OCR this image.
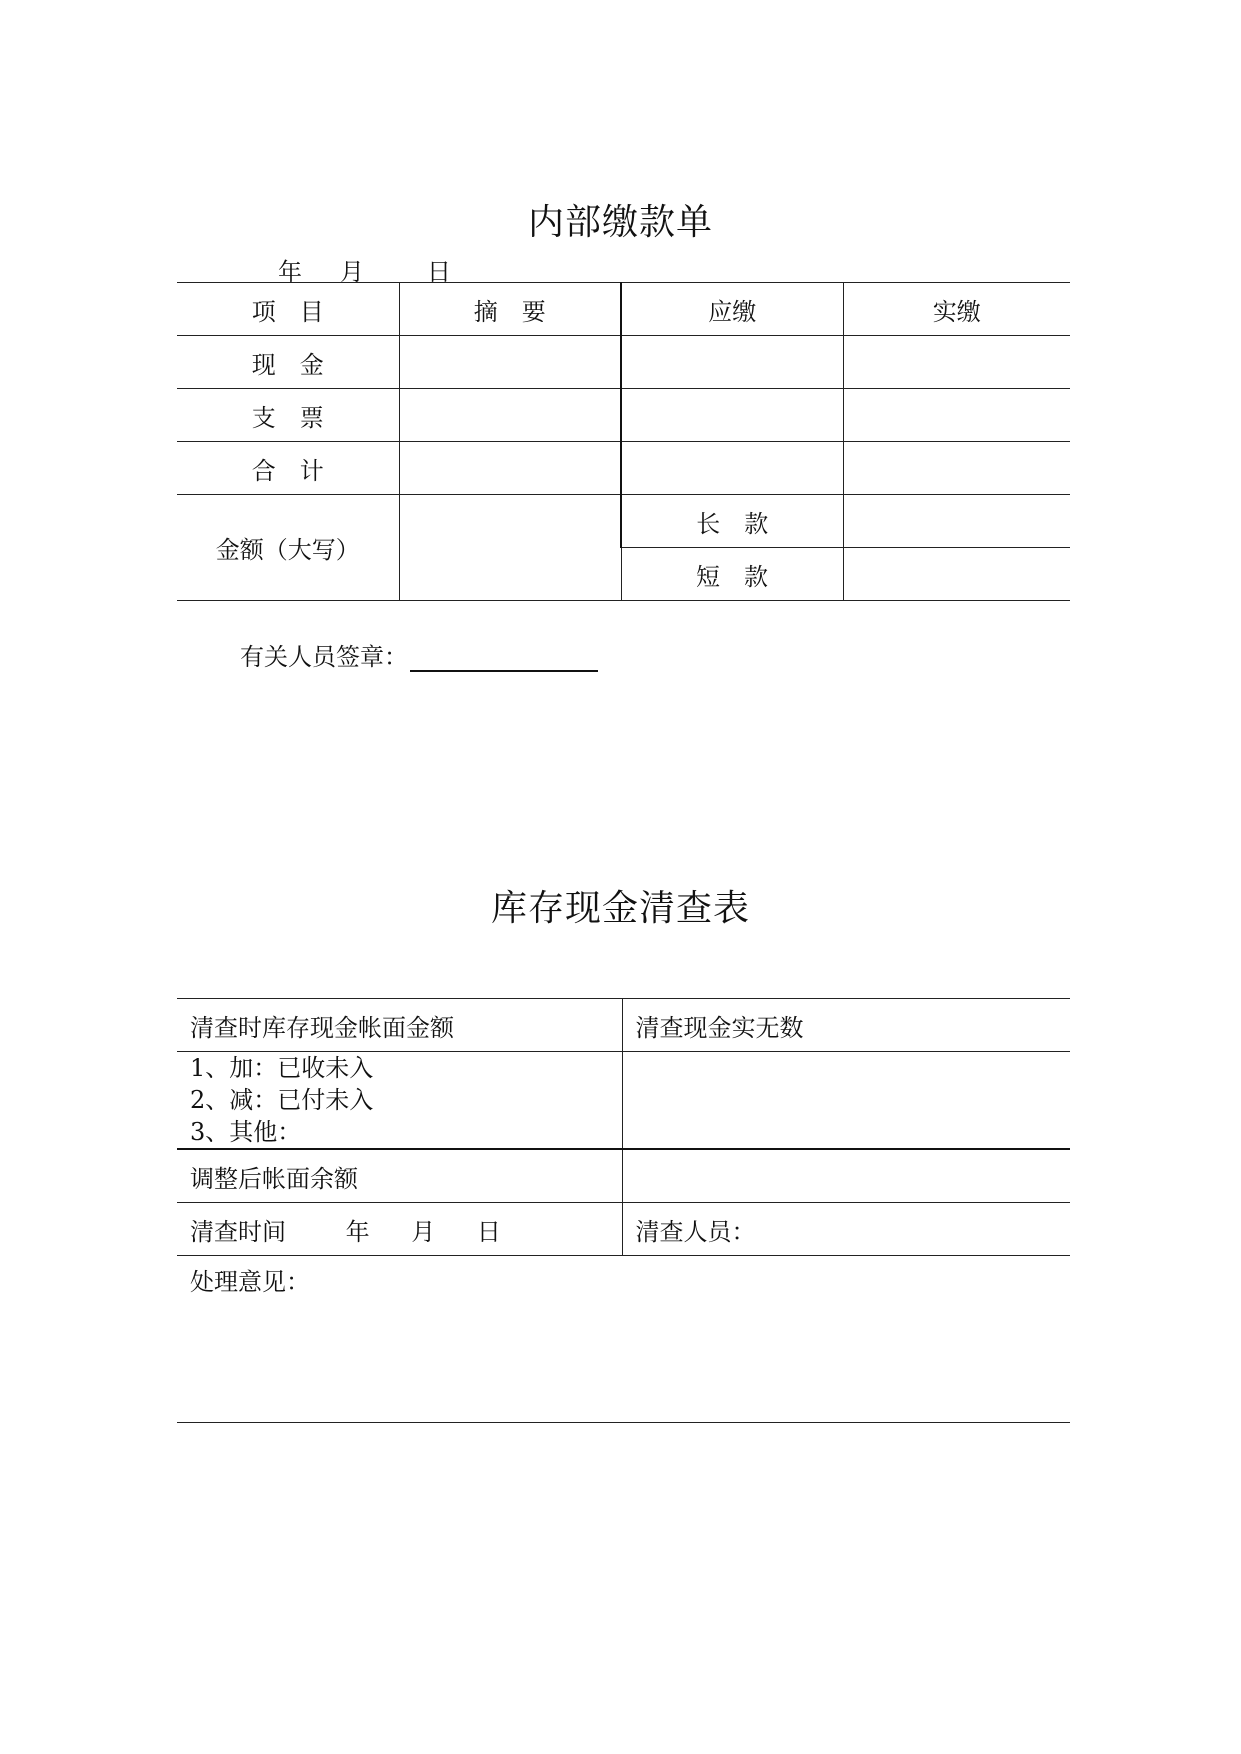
内部缴款单
年 月	日
项　目	摘　要	应缴	实缴
现　金			
支　票			
合　计			
金额（大写）		长　款	
		短　款	
有关人员签章：
库存现金清查表
清查时库存现金帐面金额	清查现金实无数

1、加：已收未入
2、减：已付未入
3、其他：	

调整后帐面余额	
清查时间 年 月 日	清查人员：
处理意见：	
